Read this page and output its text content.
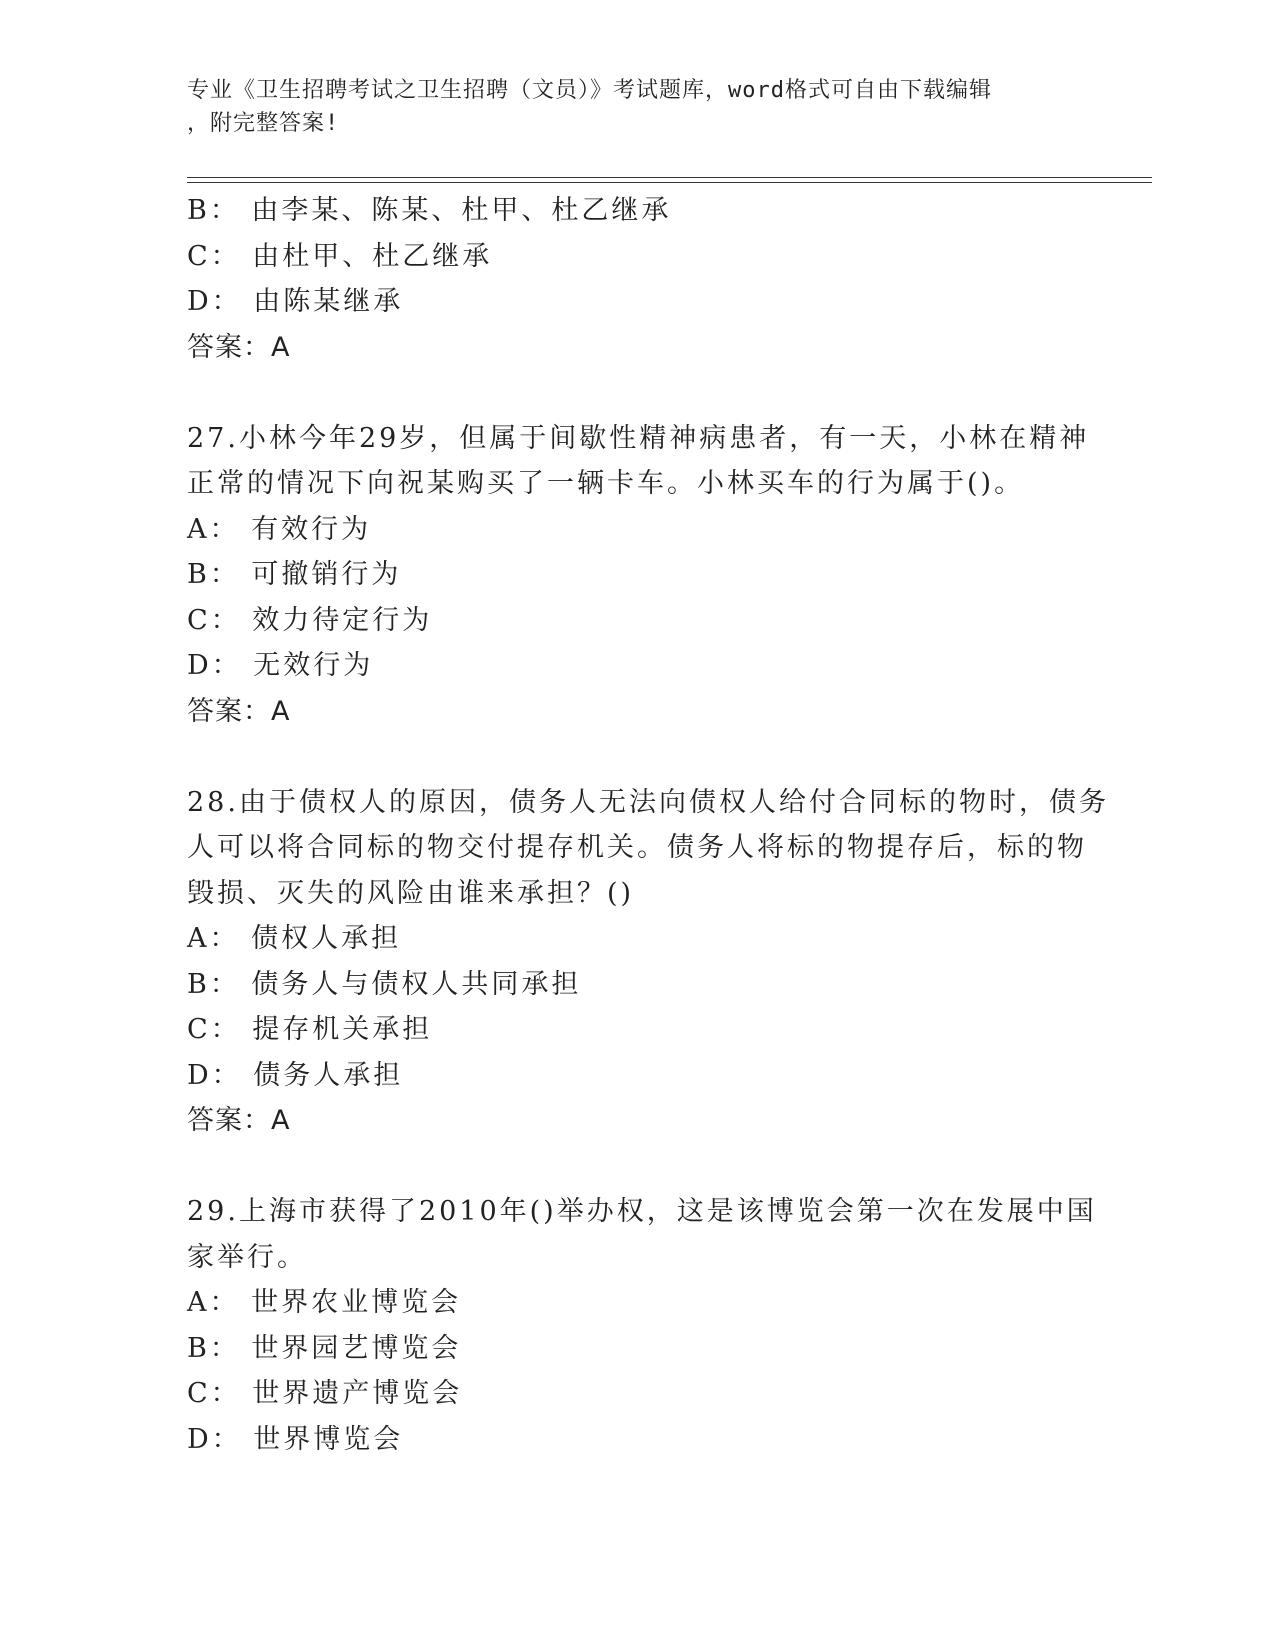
专业《卫生招聘考试之卫生招聘（文员）》考试题库，word格式可自由下载编辑
，附完整答案!
B： 由李某、陈某、杜甲、杜乙继承
C： 由杜甲、杜乙继承
D： 由陈某继承
答案：A
27.小林今年29岁，但属于间歇性精神病患者，有一天，小林在精神
正常的情况下向祝某购买了一辆卡车。小林买车的行为属于()。
A： 有效行为
B： 可撤销行为
C： 效力待定行为
D： 无效行为
答案：A
28.由于债权人的原因，债务人无法向债权人给付合同标的物时，债务
人可以将合同标的物交付提存机关。债务人将标的物提存后，标的物
毁损、灭失的风险由谁来承担？()
A： 债权人承担
B： 债务人与债权人共同承担
C： 提存机关承担
D： 债务人承担
答案：A
29.上海市获得了2010年()举办权，这是该博览会第一次在发展中国
家举行。
A： 世界农业博览会
B： 世界园艺博览会
C： 世界遗产博览会
D： 世界博览会
